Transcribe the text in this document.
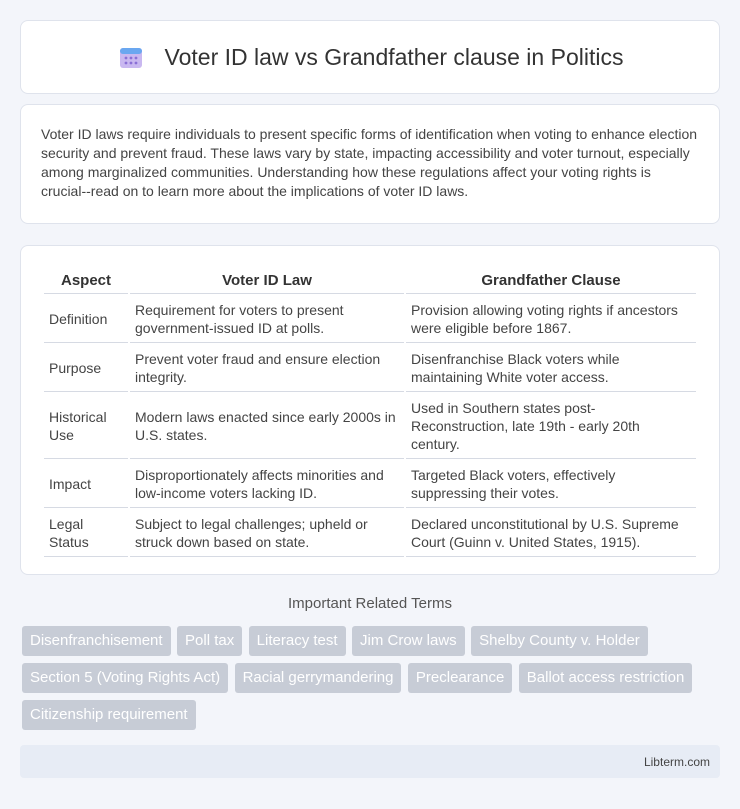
Voter ID law vs Grandfather clause in Politics

Voter ID laws require individuals to present specific forms of identification when voting to enhance election security and prevent fraud. These laws vary by state, impacting accessibility and voter turnout, especially among marginalized communities. Understanding how these regulations affect your voting rights is crucial--read on to learn more about the implications of voter ID laws.

Aspect	Voter ID Law	Grandfather Clause
Definition	Requirement for voters to present government-issued ID at polls.	Provision allowing voting rights if ancestors were eligible before 1867.
Purpose	Prevent voter fraud and ensure election integrity.	Disenfranchise Black voters while maintaining White voter access.
Historical Use	Modern laws enacted since early 2000s in U.S. states.	Used in Southern states post-Reconstruction, late 19th - early 20th century.
Impact	Disproportionately affects minorities and low-income voters lacking ID.	Targeted Black voters, effectively suppressing their votes.
Legal Status	Subject to legal challenges; upheld or struck down based on state.	Declared unconstitutional by U.S. Supreme Court (Guinn v. United States, 1915).
Important Related Terms
Disenfranchisement Poll tax Literacy test Jim Crow laws Shelby County v. Holder Section 5 (Voting Rights Act) Racial gerrymandering Preclearance Ballot access restriction Citizenship requirement
Libterm.com
